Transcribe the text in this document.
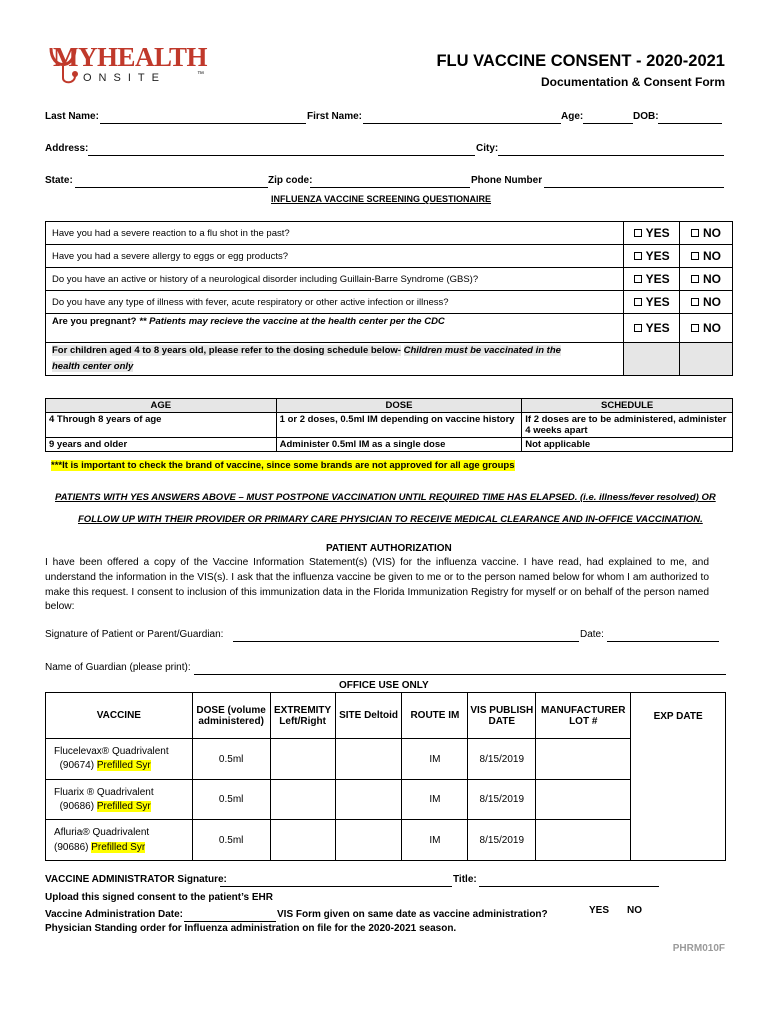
MYHEALTH
ONSITE	™
FLU VACCINE CONSENT - 2020-2021
Documentation & Consent Form
Last Name:	First Name:	Age:	DOB:
Address:	City:
State:	Zip code:	Phone Number
INFLUENZA VACCINE SCREENING QUESTIONAIRE
Have you had a severe reaction to a flu shot in the past?	YES	NO
Have you had a severe allergy to eggs or egg products?	YES	NO
Do you have an active or history of a neurological disorder including Guillain-Barre Syndrome (GBS)?	YES	NO
Do you have any type of illness with fever, acute respiratory or other active infection or illness?	YES	NO
Are you pregnant? ** Patients may recieve the vaccine at the health center per the CDC	YES	NO
For children aged 4 to 8 years old, please refer to the dosing schedule below- Children must be vaccinated in the
health center only		
AGE	DOSE	SCHEDULE
4 Through 8 years of age	1 or 2 doses, 0.5ml IM depending on vaccine history	If 2 doses are to be administered, administer 4 weeks apart
9 years and older	Administer 0.5ml IM as a single dose	Not applicable
***It is important to check the brand of vaccine, since some brands are not approved for all age groups
PATIENTS WITH YES ANSWERS ABOVE – MUST POSTPONE VACCINATION UNTIL REQUIRED TIME HAS ELAPSED. (i.e. illness/fever resolved) OR
FOLLOW UP WITH THEIR PROVIDER OR PRIMARY CARE PHYSICIAN TO RECEIVE MEDICAL CLEARANCE AND IN-OFFICE VACCINATION.
PATIENT AUTHORIZATION
I have been offered a copy of the Vaccine Information Statement(s) (VIS) for the influenza vaccine. I have read, had explained to me, and understand the information in the VIS(s). I ask that the influenza vaccine be given to me or to the person named below for whom I am authorized to make this request. I consent to inclusion of this immunization data in the Florida Immunization Registry for myself or on behalf of the person named below:
Signature of Patient or Parent/Guardian:	Date:
Name of Guardian (please print):
OFFICE USE ONLY
VACCINE	DOSE (volume administered)	EXTREMITY Left/Right	SITE Deltoid	ROUTE IM	VIS PUBLISH DATE	MANUFACTURER LOT #	EXP DATE
Flucelevax® Quadrivalent
(90674) Prefilled Syr	0.5ml			IM	8/15/2019		
Fluarix ® Quadrivalent
(90686) Prefilled Syr	0.5ml			IM	8/15/2019		
Afluria® Quadrivalent
(90686) Prefilled Syr	0.5ml			IM	8/15/2019		
VACCINE ADMINISTRATOR Signature:	Title:
Upload this signed consent to the patient’s EHR
Vaccine Administration Date:	VIS Form given on same date as vaccine administration?	YES NO
Physician Standing order for Influenza administration on file for the 2020-2021 season.
PHRM010F
